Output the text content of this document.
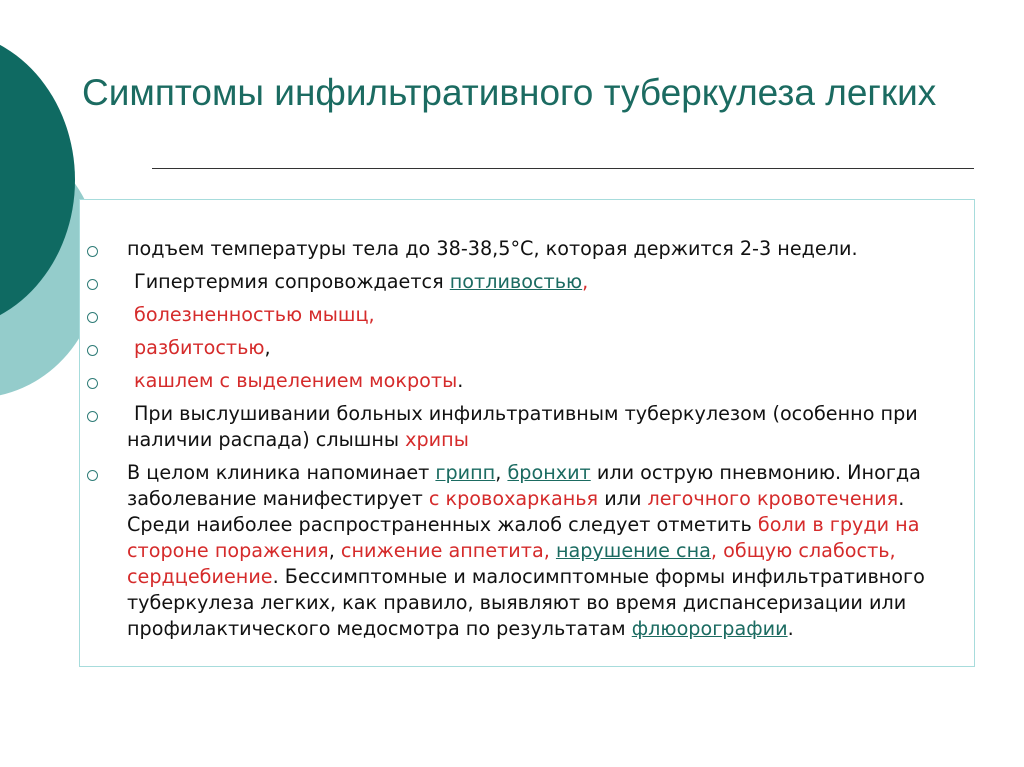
Симптомы инфильтративного туберкулеза легких
подъем температуры тела до 38-38,5°С, которая держится 2-3 недели.
Гипертермия сопровождается потливостью,
болезненностью мышц,
разбитостью,
кашлем с выделением мокроты.
При выслушивании больных инфильтративным туберкулезом (особенно при наличии распада) слышны хрипы
В целом клиника напоминает грипп, бронхит или острую пневмонию. Иногда заболевание манифестирует с кровохарканья или легочного кровотечения. Среди наиболее распространенных жалоб следует отметить боли в груди на стороне поражения, снижение аппетита, нарушение сна, общую слабость, сердцебиение. Бессимптомные и малосимптомные формы инфильтративного туберкулеза легких, как правило, выявляют во время диспансеризации или профилактического медосмотра по результатам флюорографии.
